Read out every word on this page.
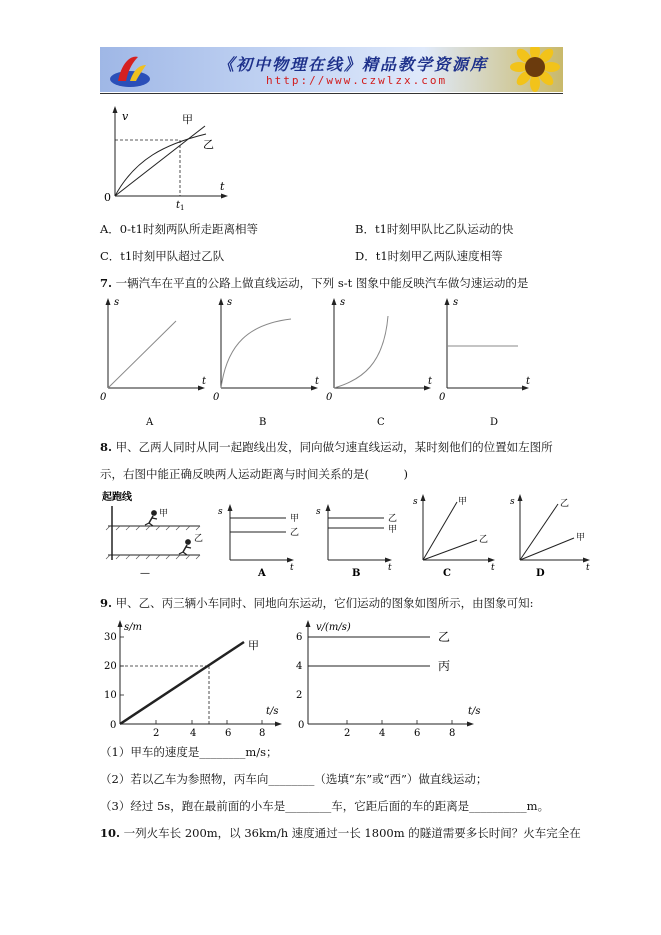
《初中物理在线》精品教学资源库
http://www.czwlzx.com
v
t
0
甲
乙
t 1
A．0-t1时刻两队所走距离相等	B．t1时刻甲队比乙队运动的快
C．t1时刻甲队超过乙队	D．t1时刻甲乙两队速度相等
7. 一辆汽车在平直的公路上做直线运动，下列 s-t 图象中能反映汽车做匀速运动的是
s
t
0
A
s
t
0
B
s
t
0
C
s
t
0
D
8. 甲、乙两人同时从同一起跑线出发，同向做匀速直线运动，某时刻他们的位置如左图所
示，右图中能正确反映两人运动距离与时间关系的是(　　　)
起跑线
甲
乙
—
s
t
甲
乙
A
s
t
乙
甲
B
s
t
甲
乙
C
s
t
乙
甲
D
9. 甲、乙、丙三辆小车同时、同地向东运动，它们运动的图象如图所示，由图象可知:
s/m
t/s
30
20
10
0
2	4	6	8
甲
v/(m/s)
t/s
6
4
2
0
2	4	6	8
乙
丙
（1）甲车的速度是________m/s；
（2）若以乙车为参照物，丙车向________（选填“东”或“西”）做直线运动；
（3）经过 5s，跑在最前面的小车是________车，它距后面的车的距离是__________m。
10. 一列火车长 200m，以 36km/h 速度通过一长 1800m 的隧道需要多长时间？火车完全在
